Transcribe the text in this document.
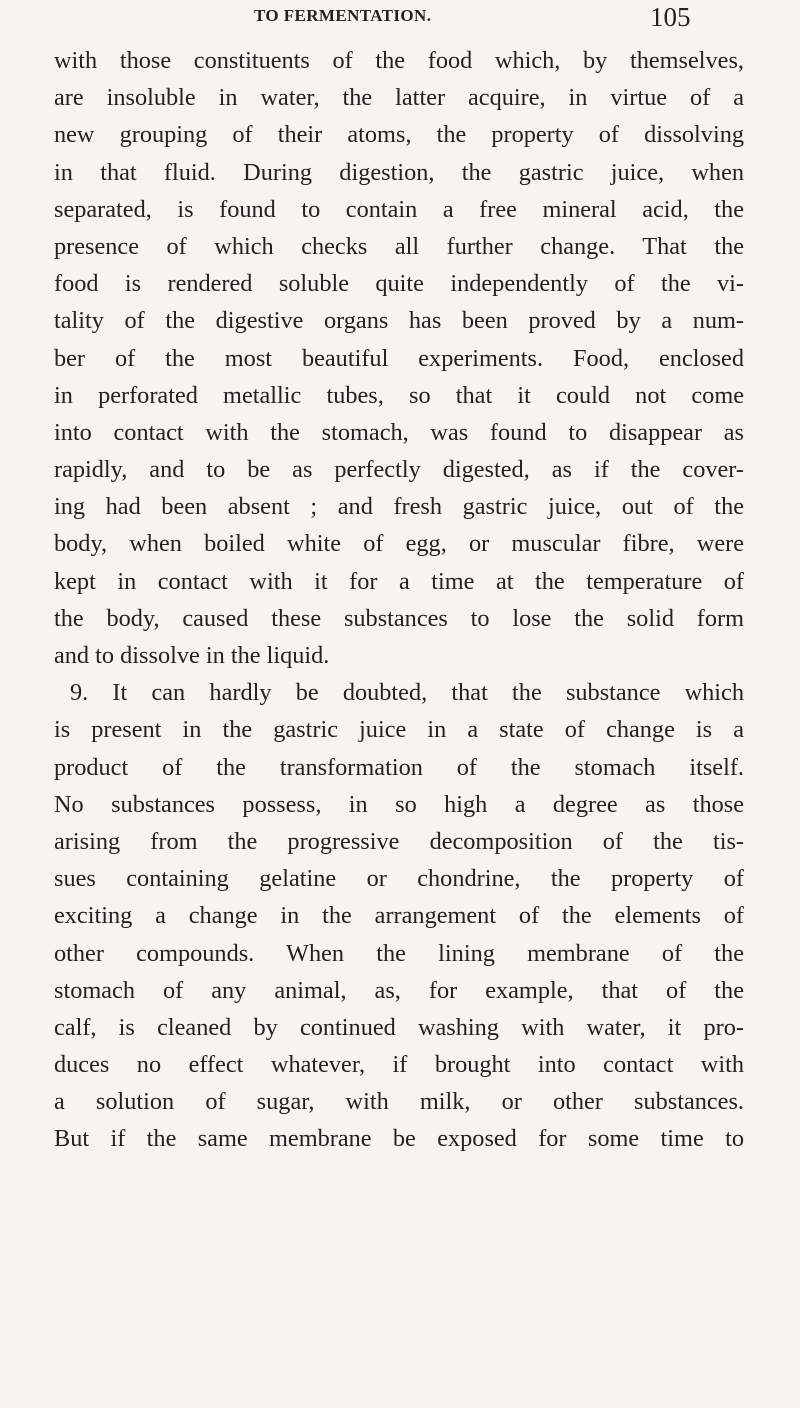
TO FERMENTATION.	105
with those constituents of the food which, by themselves,
are insoluble in water, the latter acquire, in virtue of a
new grouping of their atoms, the property of dissolving
in that fluid. During digestion, the gastric juice, when
separated, is found to contain a free mineral acid, the
presence of which checks all further change. That the
food is rendered soluble quite independently of the vi-
tality of the digestive organs has been proved by a num-
ber of the most beautiful experiments. Food, enclosed
in perforated metallic tubes, so that it could not come
into contact with the stomach, was found to disappear as
rapidly, and to be as perfectly digested, as if the cover-
ing had been absent ; and fresh gastric juice, out of the
body, when boiled white of egg, or muscular fibre, were
kept in contact with it for a time at the temperature of
the body, caused these substances to lose the solid form
and to dissolve in the liquid.
9. It can hardly be doubted, that the substance which
is present in the gastric juice in a state of change is a
product of the transformation of the stomach itself.
No substances possess, in so high a degree as those
arising from the progressive decomposition of the tis-
sues containing gelatine or chondrine, the property of
exciting a change in the arrangement of the elements of
other compounds. When the lining membrane of the
stomach of any animal, as, for example, that of the
calf, is cleaned by continued washing with water, it pro-
duces no effect whatever, if brought into contact with
a solution of sugar, with milk, or other substances.
But if the same membrane be exposed for some time to
